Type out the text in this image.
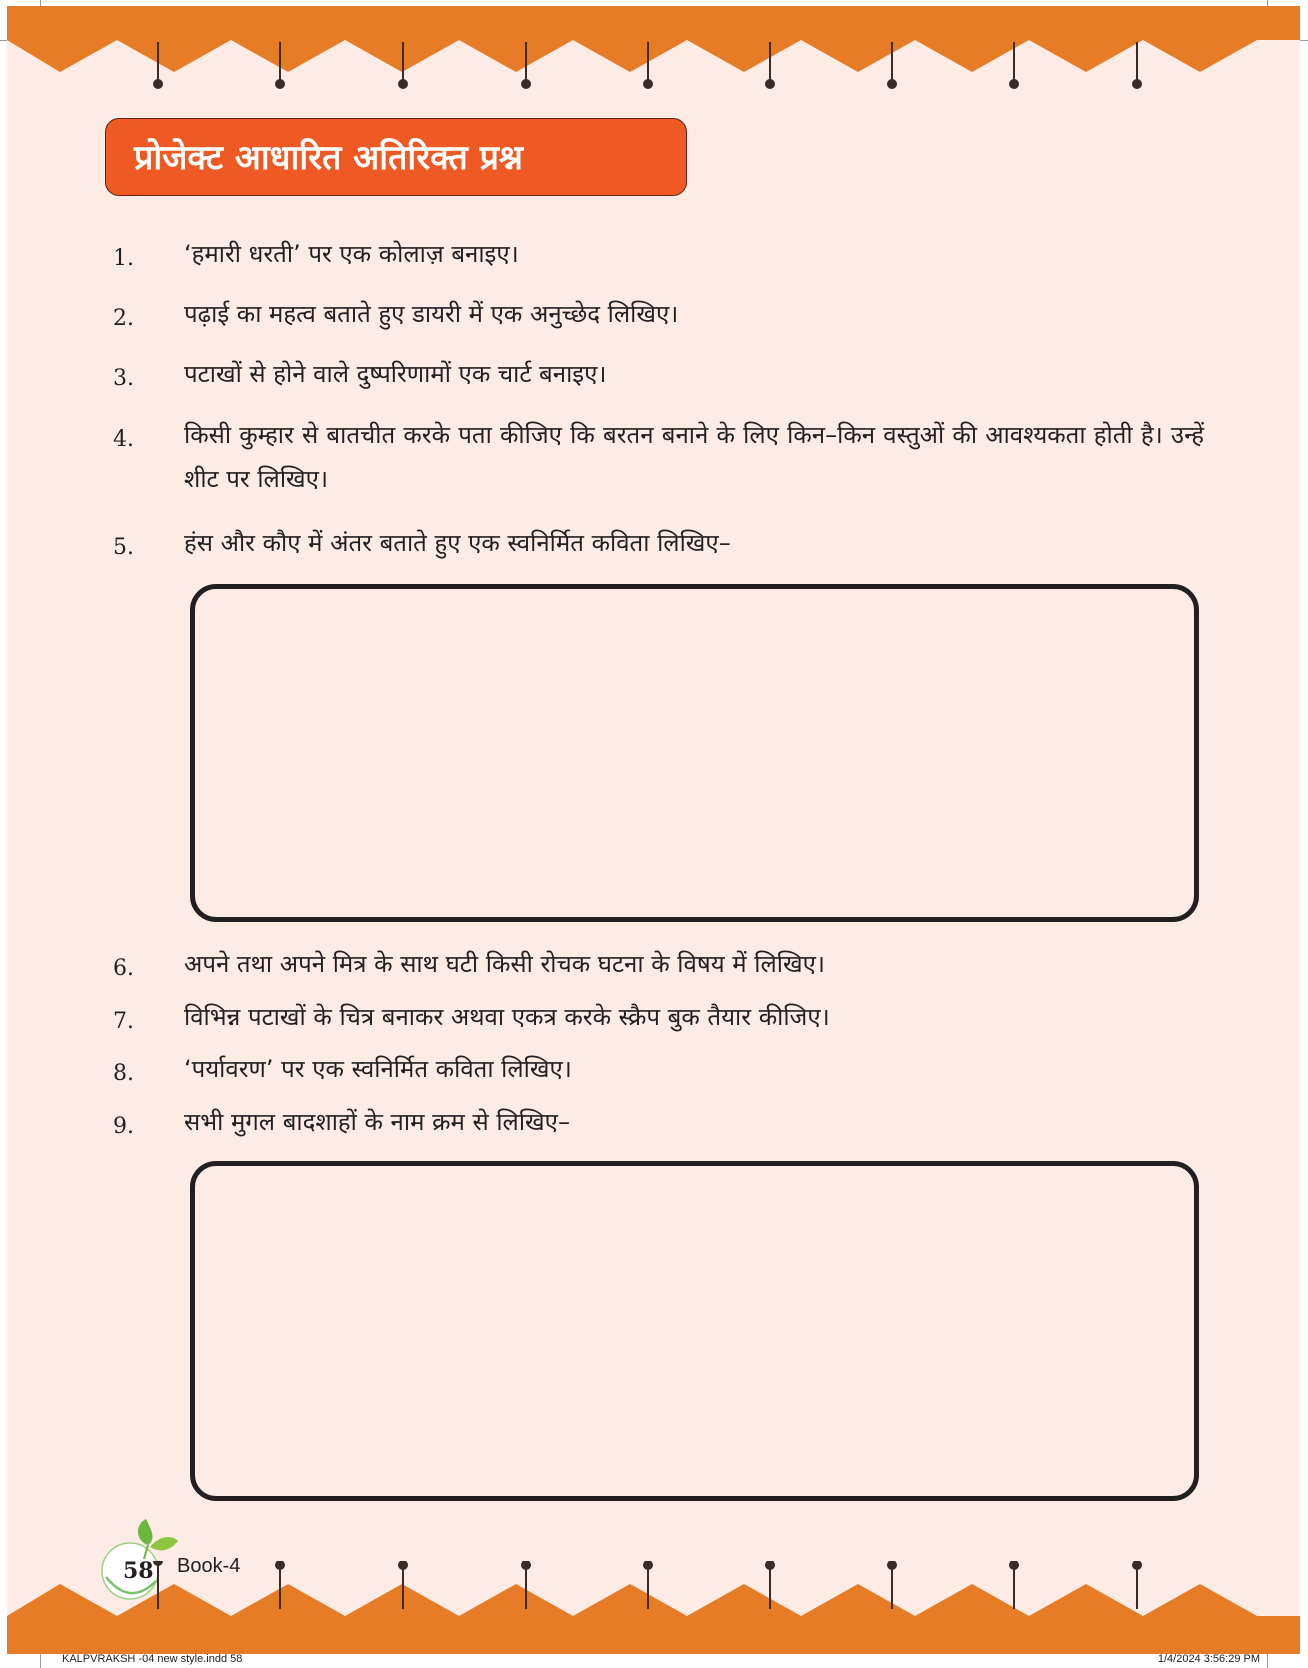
प्रोजेक्ट आधारित अतिरिक्त प्रश्न
1. ‘हमारी धरती’ पर एक कोलाज़ बनाइए।
2. पढ़ाई का महत्व बताते हुए डायरी में एक अनुच्छेद लिखिए।
3. पटाखों से होने वाले दुष्परिणामों एक चार्ट बनाइए।
4. किसी कुम्हार से बातचीत करके पता कीजिए कि बरतन बनाने के लिए किन–किन वस्तुओं की आवश्यकता होती है। उन्हें शीट पर लिखिए।
5. हंस और कौए में अंतर बताते हुए एक स्वनिर्मित कविता लिखिए–
6. अपने तथा अपने मित्र के साथ घटी किसी रोचक घटना के विषय में लिखिए।
7. विभिन्न पटाखों के चित्र बनाकर अथवा एकत्र करके स्क्रैप बुक तैयार कीजिए।
8. ‘पर्यावरण’ पर एक स्वनिर्मित कविता लिखिए।
9. सभी मुगल बादशाहों के नाम क्रम से लिखिए–
58 Book-4
KALPVRAKSH -04 new style.indd 58	1/4/2024 3:56:29 PM
